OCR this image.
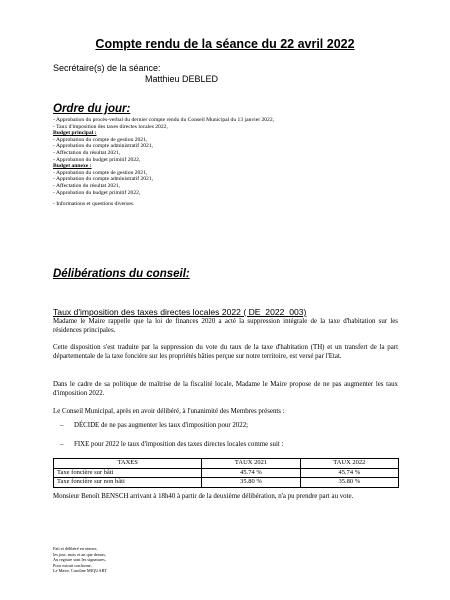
Compte rendu de la séance du 22 avril 2022
Secrétaire(s) de la séance:
Matthieu DEBLED
Ordre du jour:
- Approbation du procès-verbal du dernier compte rendu du Conseil Municipal du 13 janvier 2022,
- Taux d'imposition des taxes directes locales 2022,
Budget principal :
- Approbation du compte de gestion 2021,
- Approbation du compte administratif 2021,
- Affectation du résultat 2021,
- Approbation du budget primitif 2022,
Budget annexe :
- Approbation du compte de gestion 2021,
- Approbation du compte administratif 2021,
- Affectation du résultat 2021,
- Approbation du budget primitif 2022,
- Informations et questions diverses.
Délibérations du conseil:
Taux d'imposition des taxes directes locales 2022 ( DE_2022_003)
Madame le Maire rappelle que la loi de finances 2020 a acté la suppression intégrale de la taxe d'habitation sur les résidences principales.
Cette disposition s'est traduite par la suppression du vote du taux de la taxe d'habitation (TH) et un transfert de la part départementale de la taxe foncière sur les propriétés bâties perçue sur notre territoire, est versé par l'Etat.
Dans le cadre de sa politique de maîtrise de la fiscalité locale, Madame le Maire propose de ne pas augmenter les taux d'imposition 2022.
Le Conseil Municipal, après en avoir délibéré, à l'unanimité des Membres présents :
– DÉCIDE de ne pas augmenter les taux d'imposition pour 2022;
– FIXE pour 2022 le taux d'imposition des taxes directes locales comme suit :
TAXES	TAUX 2021	TAUX 2022
Taxe foncière sur bâti	45.74 %	45.74 %
Taxe foncière sur non bâti	35.80 %	35.80 %
Monsieur Benoît BENSCH arrivant à 18h40 à partir de la deuxième délibération, n'a pu prendre part au vote.
Fait et délibéré en séance,
les jour, mois et an que dessus,
Au registre sont les signatures,
Pour extrait conforme,
Le Maire, Caroline MIQUART
